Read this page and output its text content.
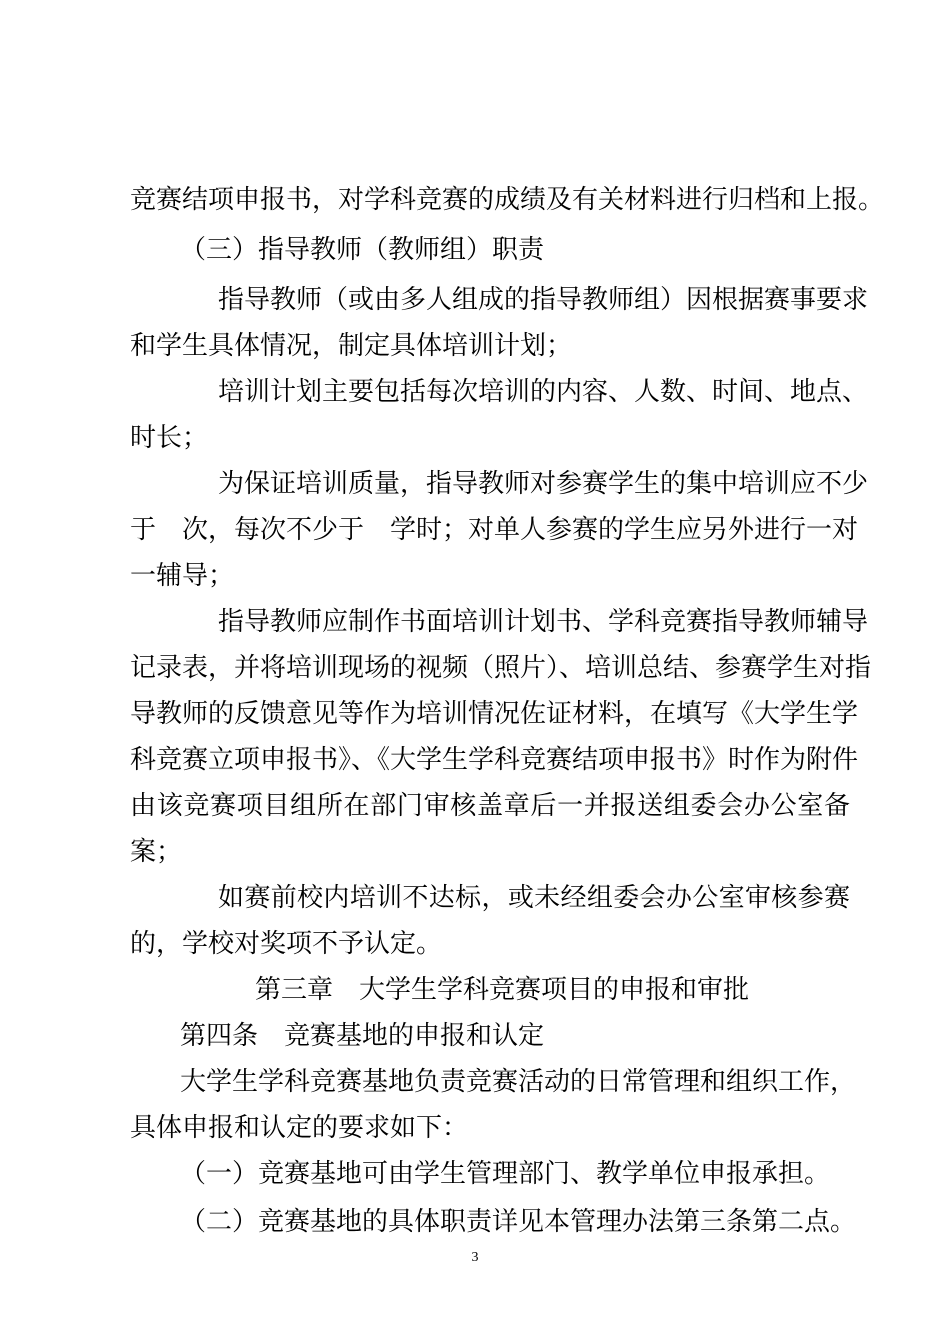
竞赛结项申报书，对学科竞赛的成绩及有关材料进行归档和上报。
（三）指导教师（教师组）职责
指导教师（或由多人组成的指导教师组）因根据赛事要求
和学生具体情况，制定具体培训计划；
培训计划主要包括每次培训的内容、人数、时间、地点、
时长；
为保证培训质量，指导教师对参赛学生的集中培训应不少
于　次，每次不少于　学时；对单人参赛的学生应另外进行一对
一辅导；
指导教师应制作书面培训计划书、学科竞赛指导教师辅导
记录表，并将培训现场的视频（照片）、培训总结、参赛学生对指
导教师的反馈意见等作为培训情况佐证材料，在填写《大学生学
科竞赛立项申报书》、《大学生学科竞赛结项申报书》时作为附件
由该竞赛项目组所在部门审核盖章后一并报送组委会办公室备
案；
如赛前校内培训不达标，或未经组委会办公室审核参赛
的，学校对奖项不予认定。
第三章　大学生学科竞赛项目的申报和审批
第四条　竞赛基地的申报和认定
大学生学科竞赛基地负责竞赛活动的日常管理和组织工作，
具体申报和认定的要求如下：
（一）竞赛基地可由学生管理部门、教学单位申报承担。
（二）竞赛基地的具体职责详见本管理办法第三条第二点。
3
